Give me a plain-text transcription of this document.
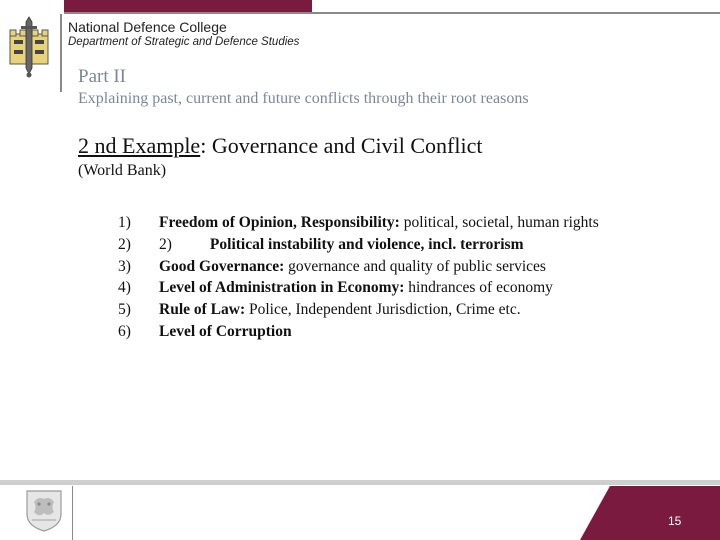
National Defence College
Department of Strategic and Defence Studies
Part II
Explaining past, current and future conflicts through their root reasons
2 nd Example: Governance and Civil Conflict
(World Bank)
1)	Freedom of Opinion, Responsibility: political, societal, human rights
2)	2) Political instability and violence, incl. terrorism
3)	Good Governance: governance and quality of public services
4)	Level of Administration in Economy: hindrances of economy
5)	Rule of Law: Police, Independent Jurisdiction, Crime etc.
6)	Level of Corruption
15
